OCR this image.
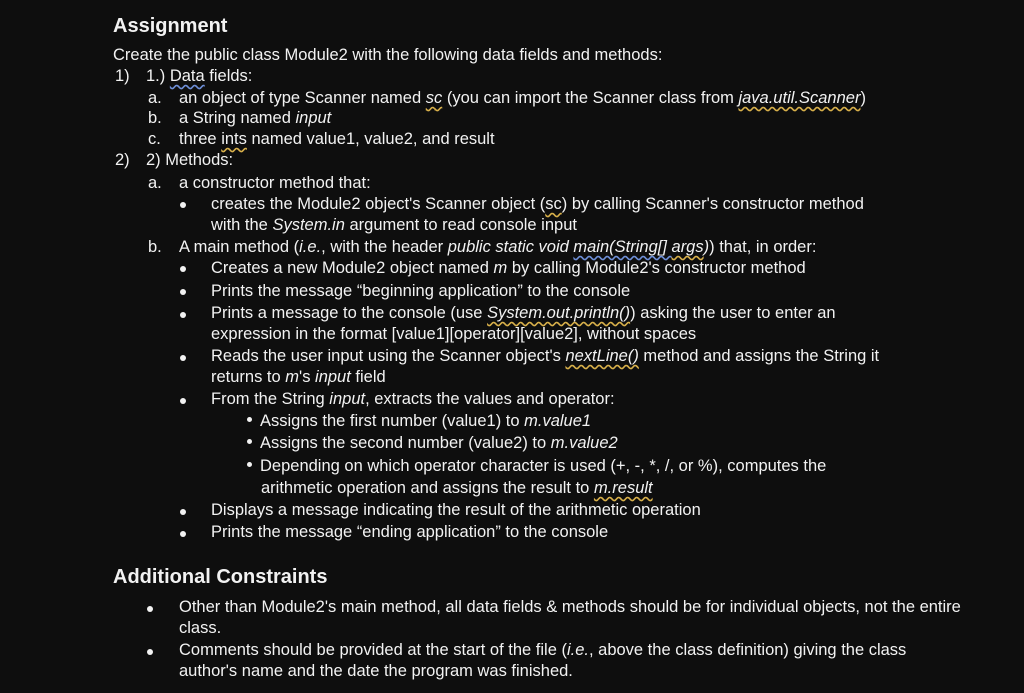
Assignment
Create the public class Module2 with the following data fields and methods:
1) 1.) Data fields:
a. an object of type Scanner named sc (you can import the Scanner class from java.util.Scanner)
b. a String named input
c. three ints named value1, value2, and result
2) 2) Methods:
a. a constructor method that:
creates the Module2 object's Scanner object (sc) by calling Scanner's constructor method
with the System.in argument to read console input
b. A main method (i.e., with the header public static void main(String[] args)) that, in order:
Creates a new Module2 object named m by calling Module2's constructor method
Prints the message “beginning application” to the console
Prints a message to the console (use System.out.println()) asking the user to enter an
expression in the format [value1][operator][value2], without spaces
Reads the user input using the Scanner object's nextLine() method and assigns the String it
returns to m's input field
From the String input, extracts the values and operator:
Assigns the first number (value1) to m.value1
Assigns the second number (value2) to m.value2
Depending on which operator character is used (+, -, *, /, or %), computes the
arithmetic operation and assigns the result to m.result
Displays a message indicating the result of the arithmetic operation
Prints the message “ending application” to the console
Additional Constraints
Other than Module2's main method, all data fields & methods should be for individual objects, not the entire class.
Comments should be provided at the start of the file (i.e., above the class definition) giving the class author's name and the date the program was finished.
